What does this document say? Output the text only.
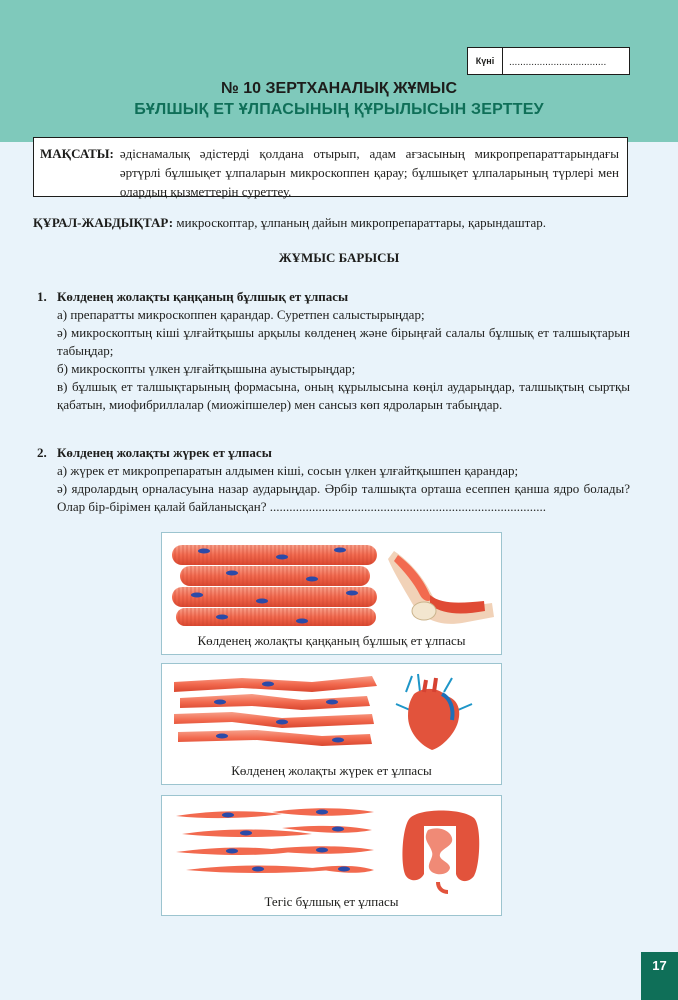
Күні	...................................
№ 10 ЗЕРТХАНАЛЫҚ ЖҰМЫС
БҰЛШЫҚ ЕТ ҰЛПАСЫНЫҢ ҚҰРЫЛЫСЫН ЗЕРТТЕУ
МАҚСАТЫ: әдіснамалық әдістерді қолдана отырып, адам ағзасының микропрепараттарындағы әртүрлі бұлшықет ұлпаларын микроскоппен қарау; бұлшықет ұлпаларының түрлері мен олардың қызметтерін суреттеу.
ҚҰРАЛ-ЖАБДЫҚТАР: микроскоптар, ұлпаның дайын микропрепараттары, қарындаштар.
ЖҰМЫС БАРЫСЫ
1. Көлденең жолақты қаңқаның бұлшық ет ұлпасы
а) препаратты микроскоппен қарандар. Суретпен салыстырыңдар;
ә) микроскоптың кіші ұлғайтқышы арқылы көлденең және бірыңғай салалы бұлшық ет талшықтарын табыңдар;
б) микроскопты үлкен ұлғайтқышына ауыстырыңдар;
в) бұлшық ет талшықтарының формасына, оның құрылысына көңіл аударыңдар, талшықтың сыртқы қабатын, миофибриллалар (миожіпшелер) мен сансыз көп ядроларын табыңдар.
2. Көлденең жолақты жүрек ет ұлпасы
а) жүрек ет микропрепаратын алдымен кіші, сосын үлкен ұлғайтқышпен қарандар;
ә) ядролардың орналасуына назар аударыңдар. Әрбір талшықта орташа есеппен қанша ядро болады? Олар бір-бірімен қалай байланысқан? .....................................................................................
Көлденең жолақты қаңқаның бұлшық ет ұлпасы
Көлденең жолақты жүрек ет ұлпасы
Тегіс бұлшық ет ұлпасы
17
